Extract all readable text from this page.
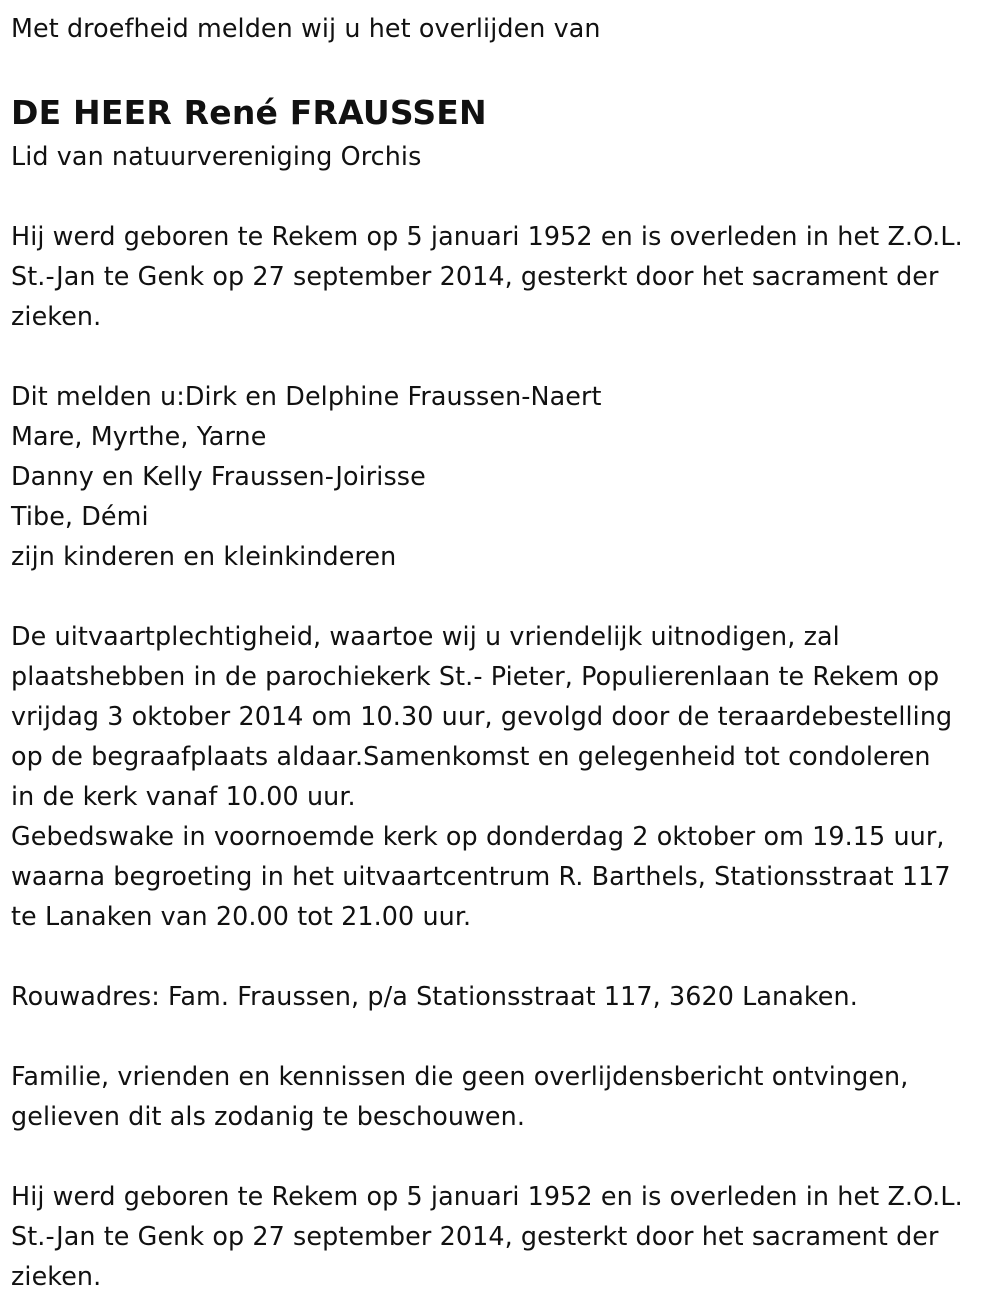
Met droefheid melden wij u het overlijden van
DE HEER René FRAUSSEN
Lid van natuurvereniging Orchis
Hij werd geboren te Rekem op 5 januari 1952 en is overleden in het Z.O.L.
St.-Jan te Genk op 27 september 2014, gesterkt door het sacrament der
zieken.
Dit melden u:Dirk en Delphine Fraussen-Naert
Mare, Myrthe, Yarne
Danny en Kelly Fraussen-Joirisse
Tibe, Démi
zijn kinderen en kleinkinderen
De uitvaartplechtigheid, waartoe wij u vriendelijk uitnodigen, zal
plaatshebben in de parochiekerk St.- Pieter, Populierenlaan te Rekem op
vrijdag 3 oktober 2014 om 10.30 uur, gevolgd door de teraardebestelling
op de begraafplaats aldaar.Samenkomst en gelegenheid tot condoleren
in de kerk vanaf 10.00 uur.
Gebedswake in voornoemde kerk op donderdag 2 oktober om 19.15 uur,
waarna begroeting in het uitvaartcentrum R. Barthels, Stationsstraat 117
te Lanaken van 20.00 tot 21.00 uur.
Rouwadres: Fam. Fraussen, p/a Stationsstraat 117, 3620 Lanaken.
Familie, vrienden en kennissen die geen overlijdensbericht ontvingen,
gelieven dit als zodanig te beschouwen.
Hij werd geboren te Rekem op 5 januari 1952 en is overleden in het Z.O.L.
St.-Jan te Genk op 27 september 2014, gesterkt door het sacrament der
zieken.
